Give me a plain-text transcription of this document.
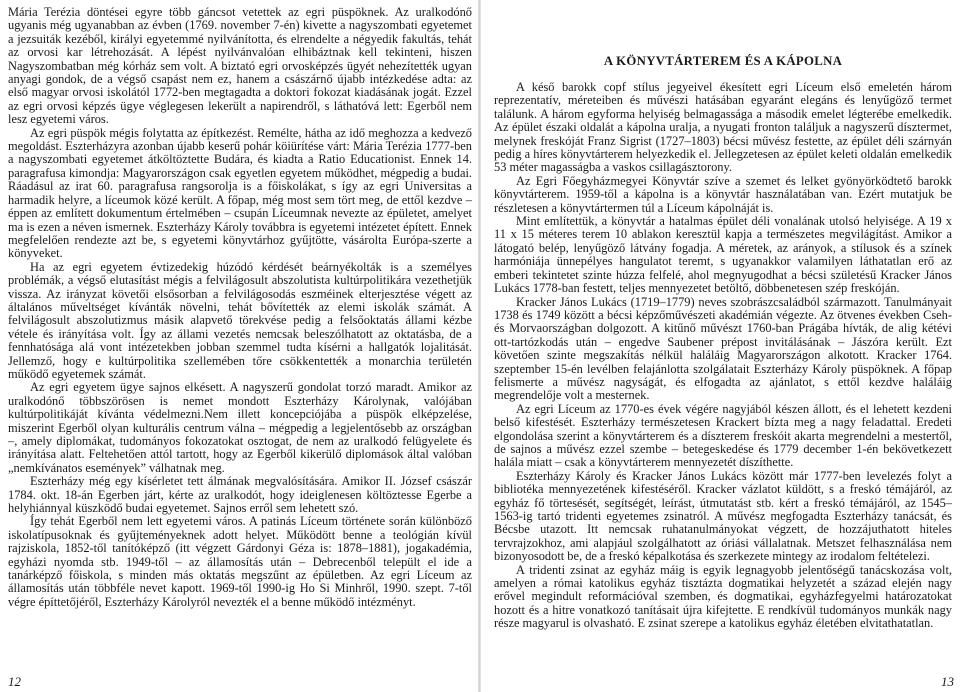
Mária Terézia döntései egyre több gáncsot vetettek az egri püspöknek. Az uralkodónő ugyanis még ugyanabban az évben (1769. november 7-én) kivette a nagyszombati egyetemet a jezsuiták kezéből, királyi egyetemmé nyilvánította, és elrendelte a négyedik fakultás, tehát az orvosi kar létrehozását. A lépést nyilvánvalóan elhibáztnak kell tekinteni, hiszen Nagyszombatban még kórház sem volt. A biztató egri orvosképzés ügyét nehezítették ugyan anyagi gondok, de a végső csapást nem ez, hanem a császárnő újabb intézkedése adta: az első magyar orvosi iskolától 1772-ben megtagadta a doktori fokozat kiadásának jogát. Ezzel az egri orvosi képzés ügye véglegesen lekerült a napirendről, s láthatóvá lett: Egerből nem lesz egyetemi város.

Az egri püspök mégis folytatta az építkezést. Remélte, hátha az idő meghozza a kedvező megoldást. Eszterházyra azonban újabb keserű pohár köiürítése várt: Mária Terézia 1777-ben a nagyszombati egyetemet átköltöztette Budára, és kiadta a Ratio Educationist. Ennek 14. paragrafusa kimondja: Magyarországon csak egyetlen egyetem működhet, mégpedig a budai. Ráadásul az irat 60. paragrafusa rangsorolja is a főiskolákat, s így az egri Universitas a harmadik helyre, a líceumok közé került. A főpap, még most sem tört meg, de ettől kezdve – éppen az említett dokumentum értelmében – csupán Líceumnak nevezte az épületet, amelyet ma is ezen a néven ismernek. Eszterházy Károly továbbra is egyetemi intézetet épített. Ennek megfelelően rendezte azt be, s egyetemi könyvtárhoz gyűjtötte, vásárolta Európa-szerte a könyveket.

Ha az egri egyetem évtizedekig húzódó kérdését beárnyékolták is a személyes problémák, a végső elutasítást mégis a felvilágosult abszolutista kultúrpolitikára vezethetjük vissza. Az irányzat követői elsősorban a felvilágosodás eszméinek elterjesztése végett az általános műveltséget kívánták növelni, tehát bővítették az elemi iskolák számát. A felvilágosult abszolutizmus másik alapvető törekvése pedig a felsőoktatás állami kézbe vétele és irányítása volt. Így az állami vezetés nemcsak beleszólhatott az oktatásba, de a fennhatósága alá vont intézetekben jobban szemmel tudta kísérni a hallgatók lojalitását. Jellemző, hogy e kultúrpolitika szellemében tőre csökkentették a monarchia területén működő egyetemek számát.

Az egri egyetem ügye sajnos elkésett. A nagyszerű gondolat torzó maradt. Amikor az uralkodónő többszörösen is nemet mondott Eszterházy Károlynak, valójában kultúrpolitikáját kívánta védelmezni.Nem illett koncepciójába a püspök elképzelése, miszerint Egerből olyan kulturális centrum válna – mégpedig a legjelentősebb az országban –, amely diplomákat, tudományos fokozatokat osztogat, de nem az uralkodó felügyelete és irányítása alatt. Feltehetően attól tartott, hogy az Egerből kikerülő diplomások által valóban „nemkívánatos események” válhatnak meg.

Eszterházy még egy kísérletet tett álmának megvalósítására. Amikor II. József császár 1784. okt. 18-án Egerben járt, kérte az uralkodót, hogy ideiglenesen költöztesse Egerbe a helyhiánnyal küszködő budai egyetemet. Sajnos erről sem lehetett szó.

Így tehát Egerből nem lett egyetemi város. A patinás Líceum története során különböző iskolatípusoknak és gyűjteményeknek adott helyet. Működött benne a teológián kívül rajziskola, 1852-től tanítóképző (itt végzett Gárdonyi Géza is: 1878–1881), jogakadémia, egyházi nyomda stb. 1949-től – az államosítás után – Debrecenből települt el ide a tanárképző főiskola, s minden más oktatás megszűnt az épületben. Az egri Líceum az államosítás után többféle nevet kapott. 1969-től 1990-ig Ho Si Minhről, 1990. szept. 7-től végre építtetőjéről, Eszterházy Károlyról nevezték el a benne működő intézményt.

12
A KÖNYVTÁRTEREM ÉS A KÁPOLNA

A késő barokk copf stílus jegyeivel ékesített egri Líceum első emeletén három reprezentatív, méreteiben és művészi hatásában egyaránt elegáns és lenyűgöző termet találunk. A három egyforma helyiség belmagassága a második emelet légterébe emelkedik. Az épület északi oldalát a kápolna uralja, a nyugati fronton találjuk a nagyszerű dísztermet, melynek freskóját Franz Sigrist (1727–1803) bécsi művész festette, az épület déli szárnyán pedig a híres könyvtárterem helyezkedik el. Jellegzetesen az épület keleti oldalán emelkedik 53 méter magasságba a vaskos csillagásztorony.

Az Egri Főegyházmegyei Könyvtár szíve a szemet és lelket gyönyörködtető barokk könyvtárterem. 1959-től a kápolna is a könyvtár használatában van. Ezért mutatjuk be részletesen a könyvtártermen túl a Líceum kápolnáját is.

Mint említettük, a könyvtár a hatalmas épület déli vonalának utolsó helyisége. A 19 x 11 x 15 méteres terem 10 ablakon keresztül kapja a természetes megvilágítást. Amikor a látogató belép, lenyűgöző látvány fogadja. A méretek, az arányok, a stílusok és a színek harmóniája ünnepélyes hangulatot teremt, s ugyanakkor valamilyen láthatatlan erő az emberi tekintetet szinte húzza felfelé, ahol megnyugodhat a bécsi születésű Kracker János Lukács 1778-ban festett, teljes mennyezetet betöltő, döbbenetesen szép freskóján.

Kracker János Lukács (1719–1779) neves szobrászcsaládból származott. Tanulmányait 1738 és 1749 között a bécsi képzőművészeti akadémián végezte. Az ötvenes években Cseh- és Morvaországban dolgozott. A kitűnő művészt 1760-ban Prágába hívták, de alig kétévi ott-tartózkodás után – engedve Saubener prépost invitálásának – Jászóra került. Ezt követően szinte megszakítás nélkül haláláig Magyarországon alkotott. Kracker 1764. szeptember 15-én levélben felajánlotta szolgálatait Eszterházy Károly püspöknek. A főpap felismerte a művész nagyságát, és elfogadta az ajánlatot, s ettől kezdve haláláig megrendelője volt a mesternek.

Az egri Líceum az 1770-es évek végére nagyjából készen állott, és el lehetett kezdeni belső kifestését. Eszterházy természetesen Krackert bízta meg a nagy feladattal. Eredeti elgondolása szerint a könyvtárterem és a díszterem freskóit akarta megrendelni a mestertől, de sajnos a művész ezzel szembe – betegeskedése és 1779 december 1-én bekövetkezett halála miatt – csak a könyvtárterem mennyezetét díszíthette.

Eszterházy Károly és Kracker János Lukács között már 1777-ben levelezés folyt a bibliotéka mennyezetének kifestéséről. Kracker vázlatot küldött, s a freskó témájáról, az egyház fő törtesését, segítségét, leírást, útmutatást stb. kért a freskó témájáról, az 1545–1563-ig tartó tridenti egyetemes zsinatról. A művész megfogadta Eszterházy tanácsát, és Bécsbe utazott. Itt nemcsak ruhatanulmányokat végzett, de hozzájuthatott hiteles tervrajzokhoz, ami alapjául szolgálhatott az óriási vállalatnak. Metszet felhasználása nem bizonyosodott be, de a freskó képalkotása és szerkezete mintegy az irodalom feltételezi.

A tridenti zsinat az egyház máig is egyik legnagyobb jelentőségű tanácskozása volt, amelyen a római katolikus egyház tisztázta dogmatikai helyzetét a század elején nagy erővel megindult reformációval szemben, és dogmatikai, egyházfegyelmi határozatokat hozott és a hitre vonatkozó tanításait újra kifejtette. E rendkívül tudományos munkák nagy része magyarul is olvasható. E zsinat szerepe a katolikus egyház életében elvitathatatlan.

13
